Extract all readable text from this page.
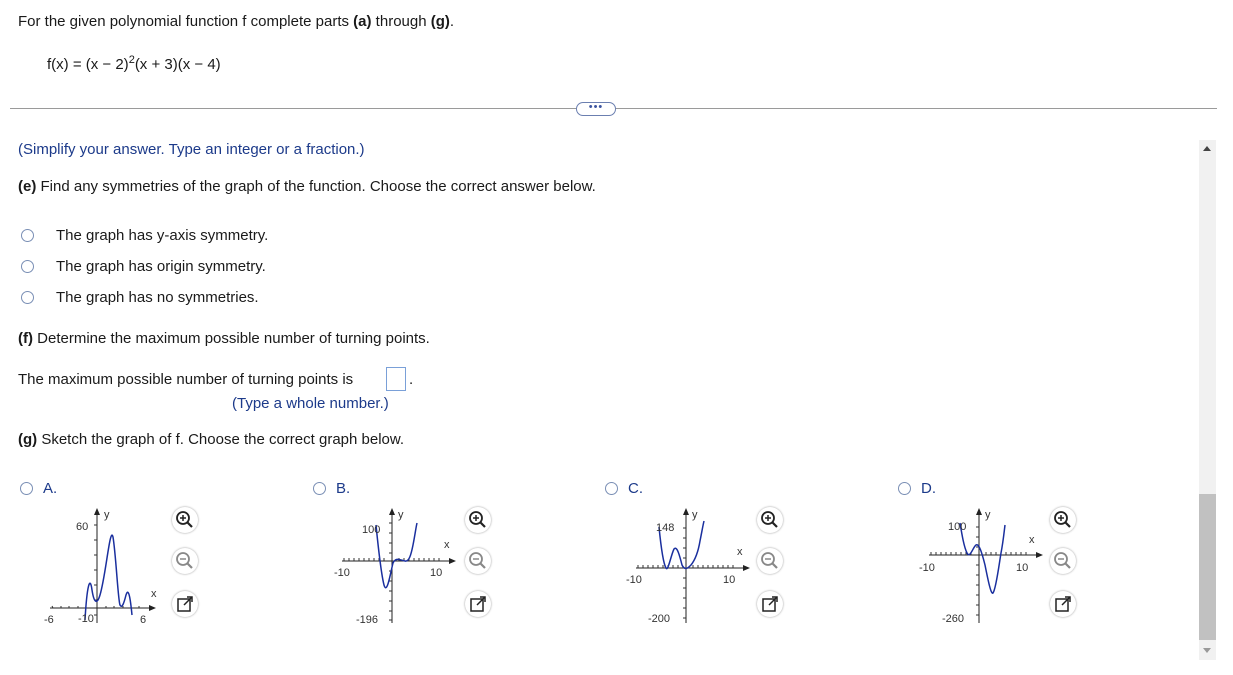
For the given polynomial function f complete parts (a) through (g).
$f(x) = (x - 2)^2(x + 3)(x - 4)$
•••
(Simplify your answer. Type an integer or a fraction.)
(e) Find any symmetries of the graph of the function. Choose the correct answer below.
The graph has y-axis symmetry.
The graph has origin symmetry.
The graph has no symmetries.
(f) Determine the maximum possible number of turning points.
The maximum possible number of turning points is	.
(Type a whole number.)
(g) Sketch the graph of f. Choose the correct graph below.
A.
60
-10
-6	6
x
y
B.
100
-196
-10	10
x
y
C.
148
-200
-10	10
x
y
D.
100
-260
-10	10
x
y
